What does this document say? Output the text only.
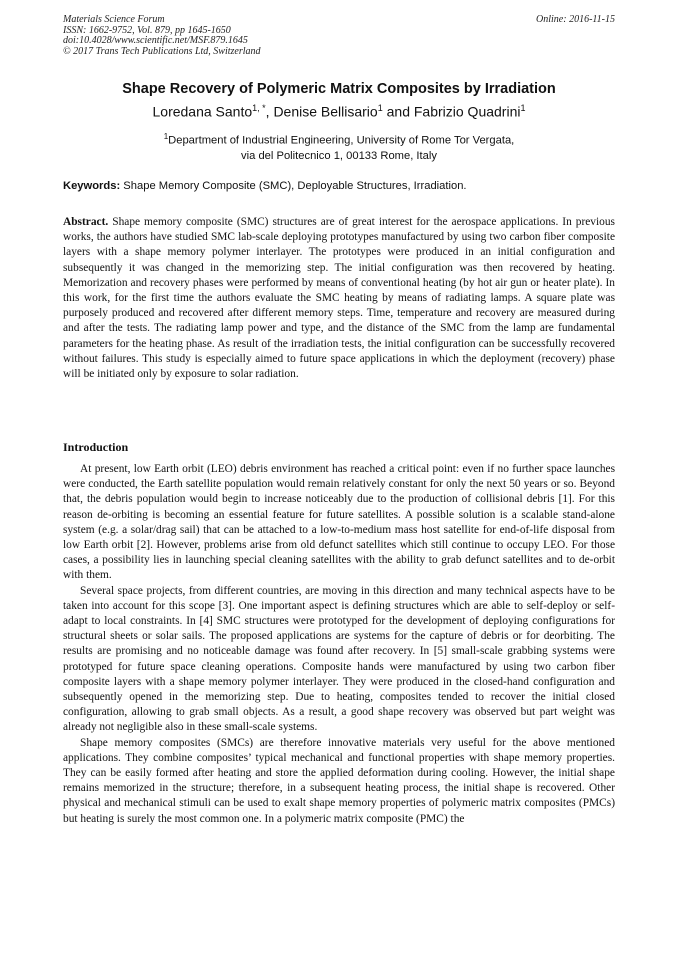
Materials Science Forum
ISSN: 1662-9752, Vol. 879, pp 1645-1650
doi:10.4028/www.scientific.net/MSF.879.1645
© 2017 Trans Tech Publications Ltd, Switzerland
Online: 2016-11-15
Shape Recovery of Polymeric Matrix Composites by Irradiation
Loredana Santo$^{1, *}$, Denise Bellisario$^1$ and Fabrizio Quadrini$^1$
$^1$Department of Industrial Engineering, University of Rome Tor Vergata,
via del Politecnico 1, 00133 Rome, Italy
Keywords: Shape Memory Composite (SMC), Deployable Structures, Irradiation.
Abstract. Shape memory composite (SMC) structures are of great interest for the aerospace applications. In previous works, the authors have studied SMC lab-scale deploying prototypes manufactured by using two carbon fiber composite layers with a shape memory polymer interlayer. The prototypes were produced in an initial configuration and subsequently it was changed in the memorizing step. The initial configuration was then recovered by heating. Memorization and recovery phases were performed by means of conventional heating (by hot air gun or heater plate). In this work, for the first time the authors evaluate the SMC heating by means of radiating lamps. A square plate was purposely produced and recovered after different memory steps. Time, temperature and recovery are measured during and after the tests. The radiating lamp power and type, and the distance of the SMC from the lamp are fundamental parameters for the heating phase. As result of the irradiation tests, the initial configuration can be successfully recovered without failures. This study is especially aimed to future space applications in which the deployment (recovery) phase will be initiated only by exposure to solar radiation.
Introduction

At present, low Earth orbit (LEO) debris environment has reached a critical point: even if no further space launches were conducted, the Earth satellite population would remain relatively constant for only the next 50 years or so. Beyond that, the debris population would begin to increase noticeably due to the production of collisional debris [1]. For this reason de-orbiting is becoming an essential feature for future satellites. A possible solution is a scalable stand-alone system (e.g. a solar/drag sail) that can be attached to a low-to-medium mass host satellite for end-of-life disposal from low Earth orbit [2]. However, problems arise from old defunct satellites which still continue to occupy LEO. For those cases, a possibility lies in launching special cleaning satellites with the ability to grab defunct satellites and to de-orbit with them.

Several space projects, from different countries, are moving in this direction and many technical aspects have to be taken into account for this scope [3]. One important aspect is defining structures which are able to self-deploy or self-adapt to local constraints. In [4] SMC structures were prototyped for the development of deploying configurations for structural sheets or solar sails. The proposed applications are systems for the capture of debris or for deorbiting. The results are promising and no noticeable damage was found after recovery. In [5] small-scale grabbing systems were prototyped for future space cleaning operations. Composite hands were manufactured by using two carbon fiber composite layers with a shape memory polymer interlayer. They were produced in the closed-hand configuration and subsequently opened in the memorizing step. Due to heating, composites tended to recover the initial closed configuration, allowing to grab small objects. As a result, a good shape recovery was observed but part weight was already not negligible also in these small-scale systems.

Shape memory composites (SMCs) are therefore innovative materials very useful for the above mentioned applications. They combine composites’ typical mechanical and functional properties with shape memory properties. They can be easily formed after heating and store the applied deformation during cooling. However, the initial shape remains memorized in the structure; therefore, in a subsequent heating process, the initial shape is recovered. Other physical and mechanical stimuli can be used to exalt shape memory properties of polymeric matrix composites (PMCs) but heating is surely the most common one. In a polymeric matrix composite (PMC) the
